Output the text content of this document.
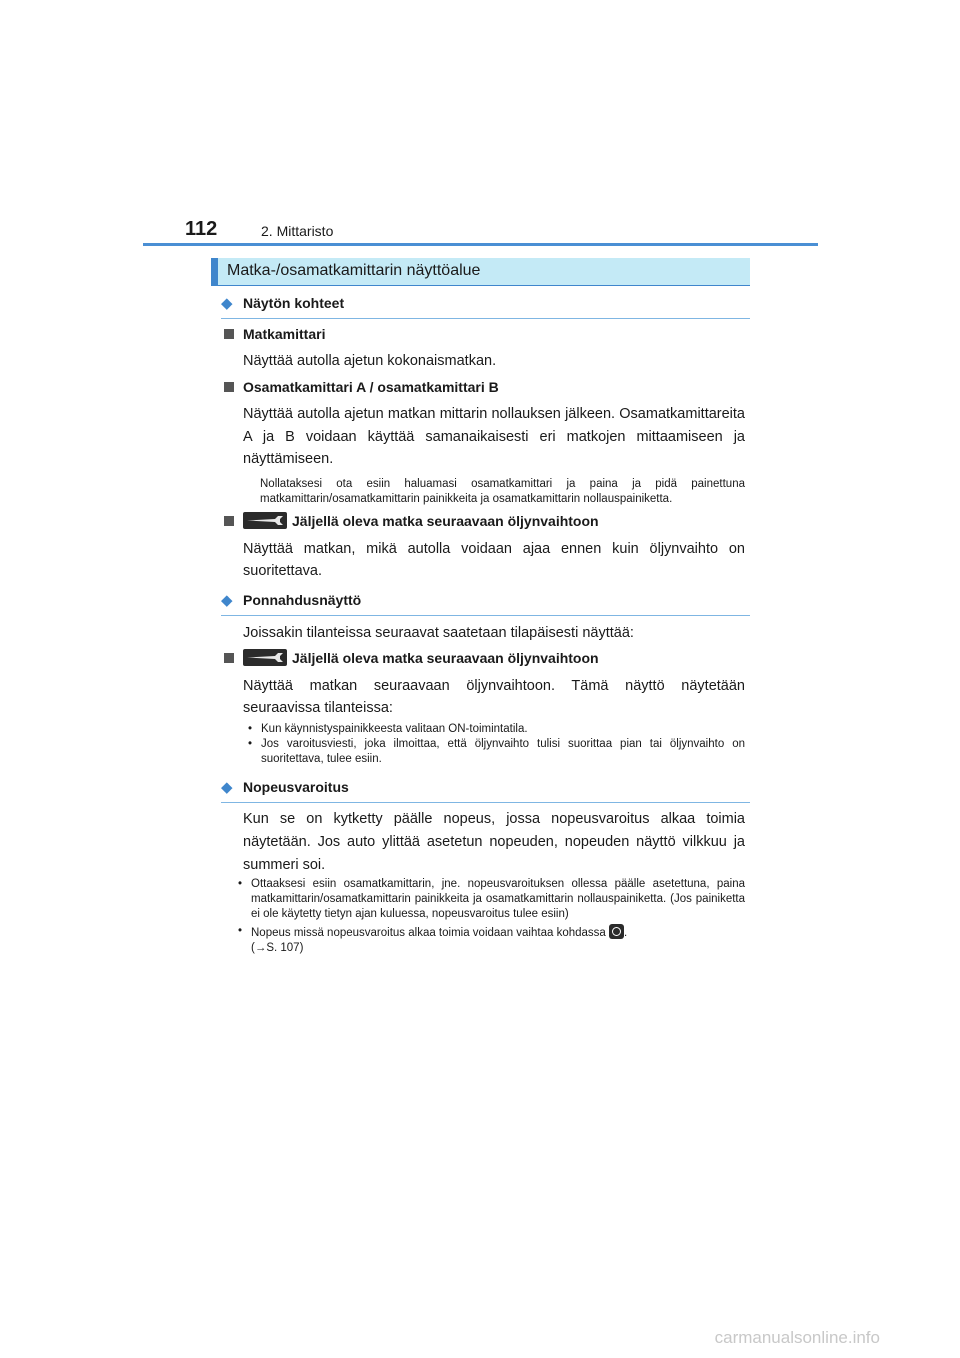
112	2. Mittaristo
Matka-/osamatkamittarin näyttöalue
◆ Näytön kohteet
Matkamittari
Näyttää autolla ajetun kokonaismatkan.
Osamatkamittari A / osamatkamittari B
Näyttää autolla ajetun matkan mittarin nollauksen jälkeen. Osamatkamittareita A ja B voidaan käyttää samanaikaisesti eri matkojen mittaamiseen ja näyttämiseen.
Nollataksesi ota esiin haluamasi osamatkamittari ja paina ja pidä painettuna matkamittarin/osamatkamittarin painikkeita ja osamatkamittarin nollauspainiketta.
Jäljellä oleva matka seuraavaan öljynvaihtoon
Näyttää matkan, mikä autolla voidaan ajaa ennen kuin öljynvaihto on suoritettava.
◆ Ponnahdusnäyttö
Joissakin tilanteissa seuraavat saatetaan tilapäisesti näyttää:
Jäljellä oleva matka seuraavaan öljynvaihtoon
Näyttää matkan seuraavaan öljynvaihtoon. Tämä näyttö näytetään seuraavissa tilanteissa:
• Kun käynnistyspainikkeesta valitaan ON-toimintatila.
• Jos varoitusviesti, joka ilmoittaa, että öljynvaihto tulisi suorittaa pian tai öljynvaihto on suoritettava, tulee esiin.
◆ Nopeusvaroitus
Kun se on kytketty päälle nopeus, jossa nopeusvaroitus alkaa toimia näytetään. Jos auto ylittää asetetun nopeuden, nopeuden näyttö vilkkuu ja summeri soi.
• Ottaaksesi esiin osamatkamittarin, jne. nopeusvaroituksen ollessa päälle asetettuna, paina matkamittarin/osamatkamittarin painikkeita ja osamatkamittarin nollauspainiketta. (Jos painiketta ei ole käytetty tietyn ajan kuluessa, nopeusvaroitus tulee esiin)
• Nopeus missä nopeusvaroitus alkaa toimia voidaan vaihtaa kohdassa .
(→S. 107)
carmanualsonline.info
